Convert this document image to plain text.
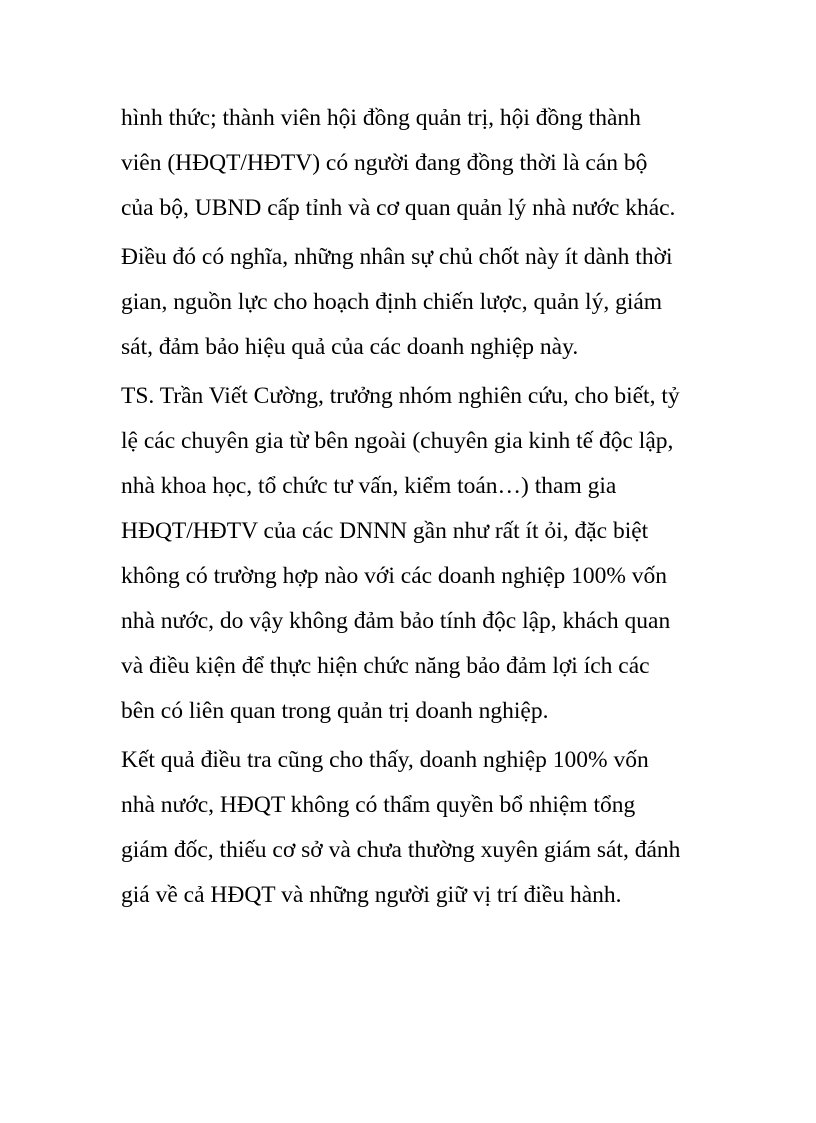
hình thức; thành viên hội đồng quản trị, hội đồng thành
viên (HĐQT/HĐTV) có người đang đồng thời là cán bộ
của bộ, UBND cấp tỉnh và cơ quan quản lý nhà nước khác.

Điều đó có nghĩa, những nhân sự chủ chốt này ít dành thời
gian, nguồn lực cho hoạch định chiến lược, quản lý, giám
sát, đảm bảo hiệu quả của các doanh nghiệp này.

TS. Trần Viết Cường, trưởng nhóm nghiên cứu, cho biết, tỷ
lệ các chuyên gia từ bên ngoài (chuyên gia kinh tế độc lập,
nhà khoa học, tổ chức tư vấn, kiểm toán…) tham gia
HĐQT/HĐTV của các DNNN gần như rất ít ỏi, đặc biệt
không có trường hợp nào với các doanh nghiệp 100% vốn
nhà nước, do vậy không đảm bảo tính độc lập, khách quan
và điều kiện để thực hiện chức năng bảo đảm lợi ích các
bên có liên quan trong quản trị doanh nghiệp.

Kết quả điều tra cũng cho thấy, doanh nghiệp 100% vốn
nhà nước, HĐQT không có thẩm quyền bổ nhiệm tổng
giám đốc, thiếu cơ sở và chưa thường xuyên giám sát, đánh
giá về cả HĐQT và những người giữ vị trí điều hành.
